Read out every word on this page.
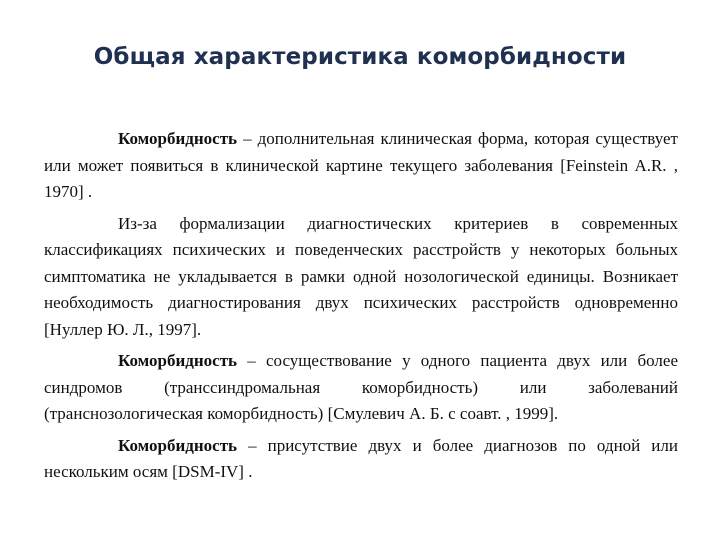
Общая характеристика коморбидности

Коморбидность – дополнительная клиническая форма, которая существует или может появиться в клинической картине текущего заболевания [Feinstein A.R. , 1970] .

Из-за формализации диагностических критериев в современных классификациях психических и поведенческих расстройств у некоторых больных симптоматика не укладывается в рамки одной нозологической единицы. Возникает необходимость диагностирования двух психических расстройств одновременно [Нуллер Ю. Л., 1997].

Коморбидность – сосуществование у одного пациента двух или более синдромов (транссиндромальная коморбидность) или заболеваний (транснозологическая коморбидность) [Смулевич А. Б. с соавт. , 1999].

Коморбидность – присутствие двух и более диагнозов по одной или нескольким осям [DSM-IV] .
